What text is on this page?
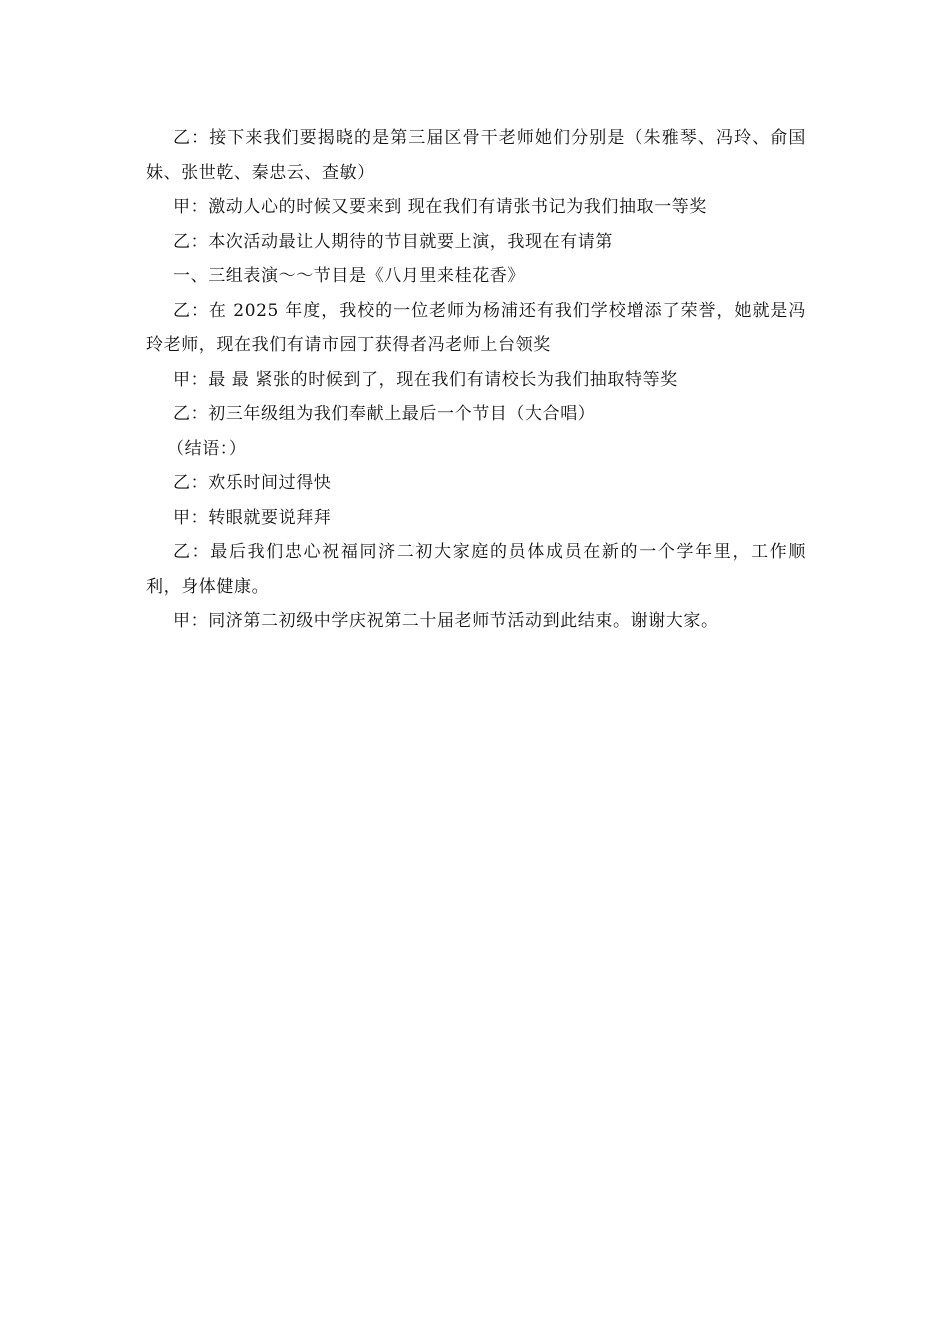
乙：接下来我们要揭晓的是第三届区骨干老师她们分别是（朱雅琴、冯玲、俞国妹、张世乾、秦忠云、查敏）

甲：激动人心的时候又要来到 现在我们有请张书记为我们抽取一等奖

乙：本次活动最让人期待的节目就要上演，我现在有请第

一、三组表演～～节目是《八月里来桂花香》

乙：在 2025 年度，我校的一位老师为杨浦还有我们学校增添了荣誉，她就是冯玲老师，现在我们有请市园丁获得者冯老师上台领奖

甲：最 最 紧张的时候到了，现在我们有请校长为我们抽取特等奖

乙：初三年级组为我们奉献上最后一个节目（大合唱）

（结语：）

乙：欢乐时间过得快

甲：转眼就要说拜拜

乙：最后我们忠心祝福同济二初大家庭的员体成员在新的一个学年里，工作顺利，身体健康。

甲：同济第二初级中学庆祝第二十届老师节活动到此结束。谢谢大家。
